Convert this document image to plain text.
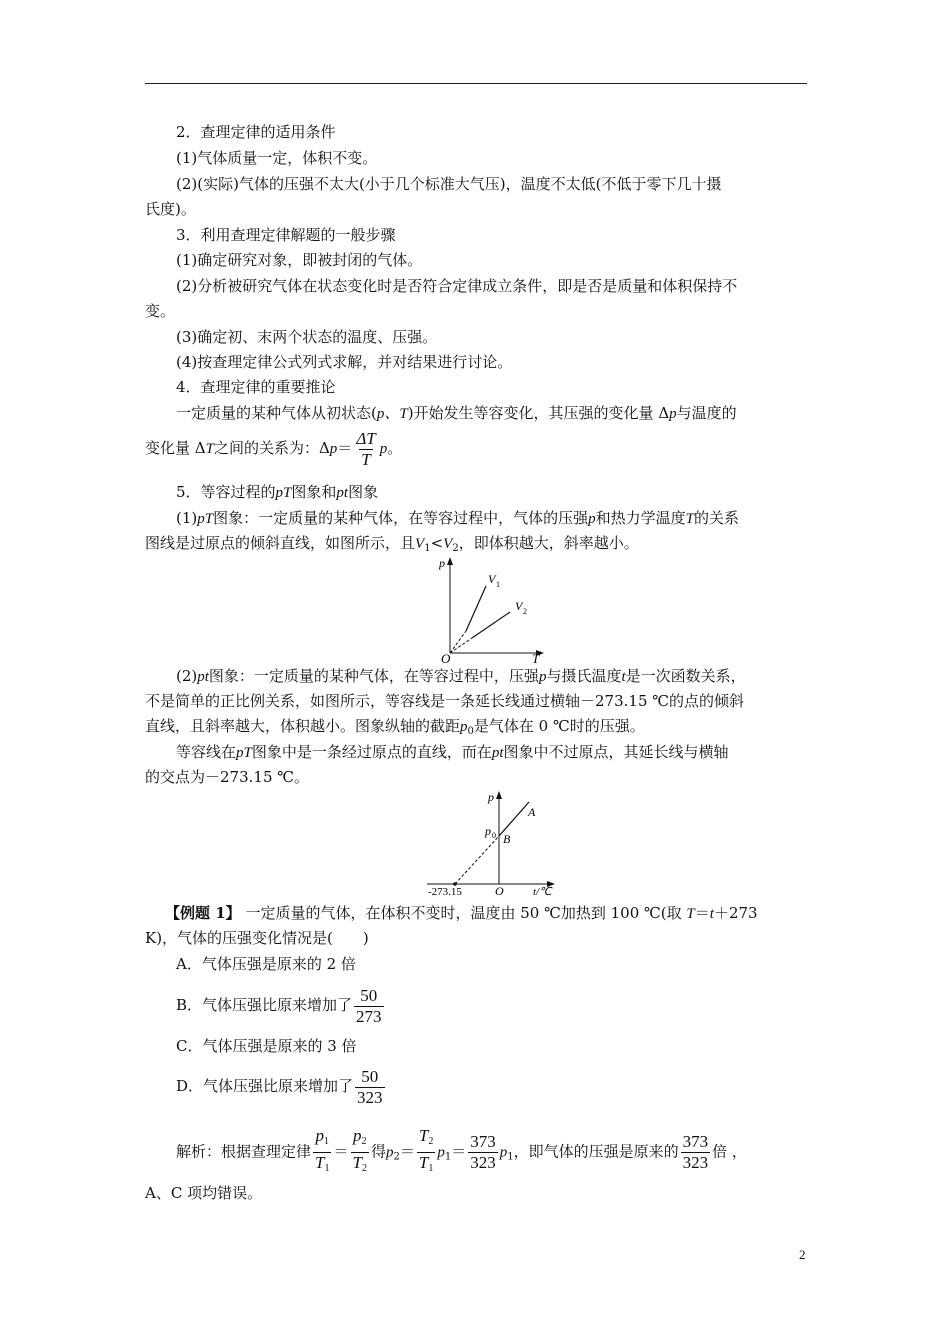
2．查理定律的适用条件
(1)气体质量一定，体积不变。
(2)(实际)气体的压强不太大(小于几个标准大气压)，温度不太低(不低于零下几十摄
氏度)。
3．利用查理定律解题的一般步骤
(1)确定研究对象，即被封闭的气体。
(2)分析被研究气体在状态变化时是否符合定律成立条件，即是否是质量和体积保持不
变。
(3)确定初、末两个状态的温度、压强。
(4)按查理定律公式列式求解，并对结果进行讨论。
4．查理定律的重要推论
一定质量的某种气体从初状态(p、T)开始发生等容变化，其压强的变化量 Δp与温度的
变化量 ΔT之间的关系为：$\Delta p= \frac{\Delta T}{T}$ p。
5．等容过程的pT图象和pt图象
(1)pT图象：一定质量的某种气体，在等容过程中，气体的压强p和热力学温度T的关系
图线是过原点的倾斜直线，如图所示，且$V_1<V_2$，即体积越大，斜率越小。
p
T
O
V 1
V 2
(2)pt图象：一定质量的某种气体，在等容过程中，压强p与摄氏温度t是一次函数关系，
不是简单的正比例关系，如图所示，等容线是一条延长线通过横轴－273.15 ℃的点的倾斜
直线，且斜率越大，体积越小。图象纵轴的截距$p_0$是气体在 0 ℃时的压强。
等容线在pT图象中是一条经过原点的直线，而在pt图象中不过原点，其延长线与横轴
的交点为－273.15 ℃。
p
t/℃
O
p 0
A
B
-273.15
【例题 1】 一定质量的气体，在体积不变时，温度由 50 ℃加热到 100 ℃(取 T＝t＋273
K)，气体的压强变化情况是(　　)
A．气体压强是原来的 2 倍
B．气体压强比原来增加了 $\frac{50}{273}$
C．气体压强是原来的 3 倍
D．气体压强比原来增加了 $\frac{50}{323}$
解析：根据查理定律 $\frac{p_1}{T_1} = \frac{p_2}{T_2}$ 得$p_2= \frac{T_2}{T_1} p_1= \frac{373}{323} p_1$，即气体的压强是原来的 $\frac{373}{323}$ 倍 ，
A、C 项均错误。
2
